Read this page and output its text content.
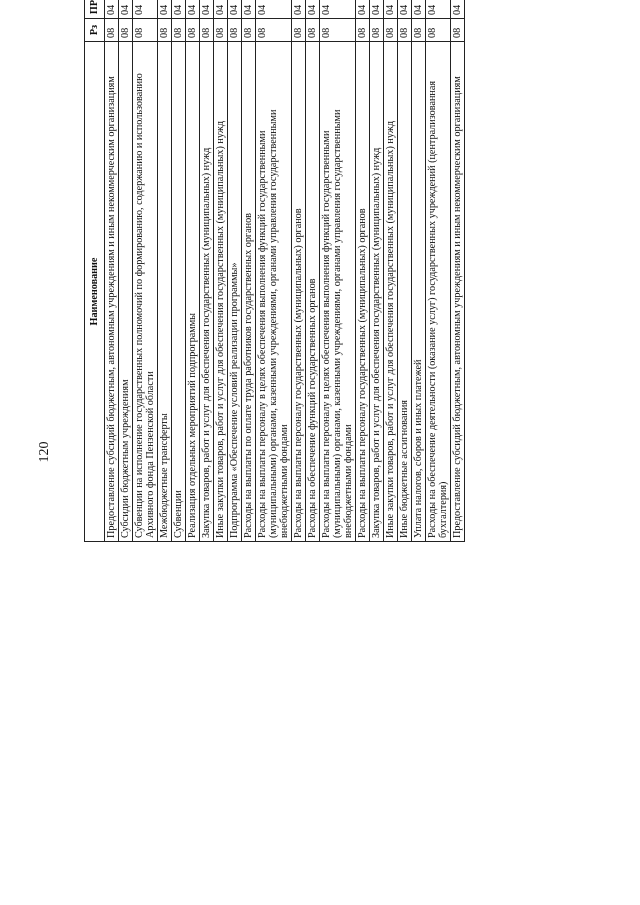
120
Наименование	Рз	ПР			
Предоставление субсидий бюджетным, автономным учреждениям и иным некоммерческим организациям	08	04			
Субсидии бюджетным учреждениям	08	04			
Субвенции на исполнение государственных полномочий по формированию, содержанию и использованию Архивного фонда Пензенской области	08	04			
Межбюджетные трансферты	08	04			
Субвенции	08	04			
Реализация отдельных мероприятий подпрограммы	08	04			
Закупка товаров, работ и услуг для обеспечения государственных (муниципальных) нужд	08	04			
Иные закупки товаров, работ и услуг для обеспечения государственных (муниципальных) нужд	08	04			
Подпрограмма «Обеспечение условий реализации программы»	08	04			
Расходы на выплаты по оплате труда работников государственных органов	08	04			
Расходы на выплаты персоналу в целях обеспечения выполнения функций государственными (муниципальными) органами, казенными учреждениями, органами управления государственными внебюджетными фондами	08	04			
Расходы на выплаты персоналу государственных (муниципальных) органов	08	04			
Расходы на обеспечение функций государственных органов	08	04			
Расходы на выплаты персоналу в целях обеспечения выполнения функций государственными (муниципальными) органами, казенными учреждениями, органами управления государственными внебюджетными фондами	08	04			
Расходы на выплаты персоналу государственных (муниципальных) органов	08	04			
Закупка товаров, работ и услуг для обеспечения государственных (муниципальных) нужд	08	04			
Иные закупки товаров, работ и услуг для обеспечения государственных (муниципальных) нужд	08	04			
Иные бюджетные ассигнования	08	04			
Уплата налогов, сборов и иных платежей	08	04			
Расходы на обеспечение деятельности (оказание услуг) государственных учреждений (централизованная бухгалтерия)	08	04			
Предоставление субсидий бюджетным, автономным учреждениям и иным некоммерческим организациям	08	04			
